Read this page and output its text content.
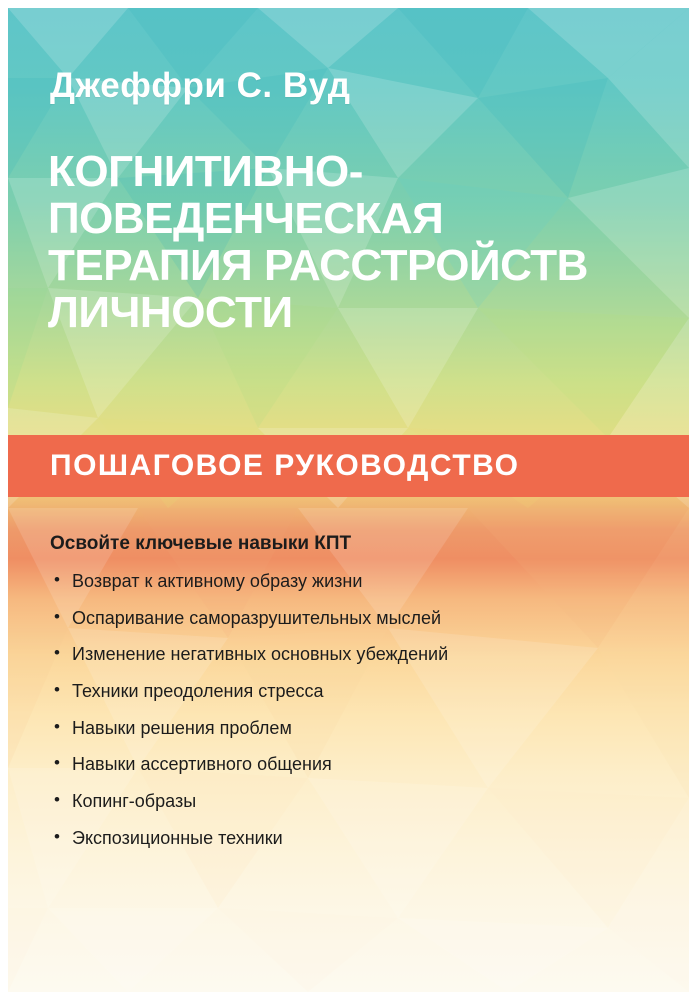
Джеффри С. Вуд
КОГНИТИВНО-
ПОВЕДЕНЧЕСКАЯ
ТЕРАПИЯ РАССТРОЙСТВ
ЛИЧНОСТИ
ПОШАГОВОЕ РУКОВОДСТВО
Освойте ключевые навыки КПТ
• Возврат к активному образу жизни
• Оспаривание саморазрушительных мыслей
• Изменение негативных основных убеждений
• Техники преодоления стресса
• Навыки решения проблем
• Навыки ассертивного общения
• Копинг-образы
• Экспозиционные техники
